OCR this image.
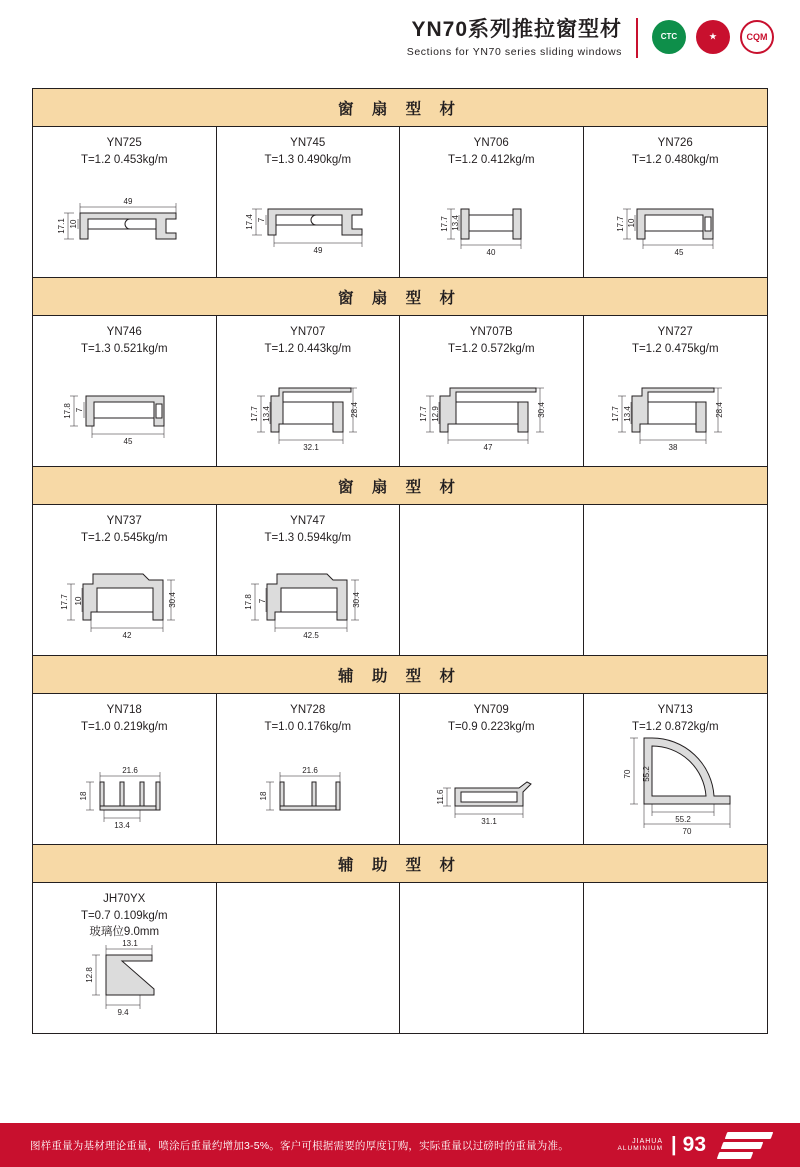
YN70系列推拉窗型材
Sections for YN70 series sliding windows
CTC	★	CQM
窗 扇 型 材
YN725
T=1.2 0.453kg/m
49
17.1 10
YN745
T=1.3 0.490kg/m
49
17.4 7
YN706
T=1.2 0.412kg/m
40
17.7 13.4
YN726
T=1.2 0.480kg/m
45
17.7 10
窗 扇 型 材
YN746
T=1.3 0.521kg/m
45
17.8 7
YN707
T=1.2 0.443kg/m
32.1
17.7 13.4	28.4
YN707B
T=1.2 0.572kg/m
47
17.7 12.9	30.4
YN727
T=1.2 0.475kg/m
38
17.7 13.4	28.4
窗 扇 型 材
YN737
T=1.2 0.545kg/m
42
17.7 10	30.4
YN747
T=1.3 0.594kg/m
42.5
17.8 7	30.4
辅 助 型 材
YN718
T=1.0 0.219kg/m
21.6
18
13.4
YN728
T=1.0 0.176kg/m
21.6
18
YN709
T=0.9 0.223kg/m
11.6
31.1
YN713
T=1.2 0.872kg/m
70 55.2
55.2
70
辅 助 型 材
JH70YX
T=0.7 0.109kg/m
玻璃位9.0mm
13.1
12.8
9.4
图样重量为基材理论重量，喷涂后重量约增加3-5%。客户可根据需要的厚度订购，实际重量以过磅时的重量为准。	JIAHUA
ALUMINIUM | 93
